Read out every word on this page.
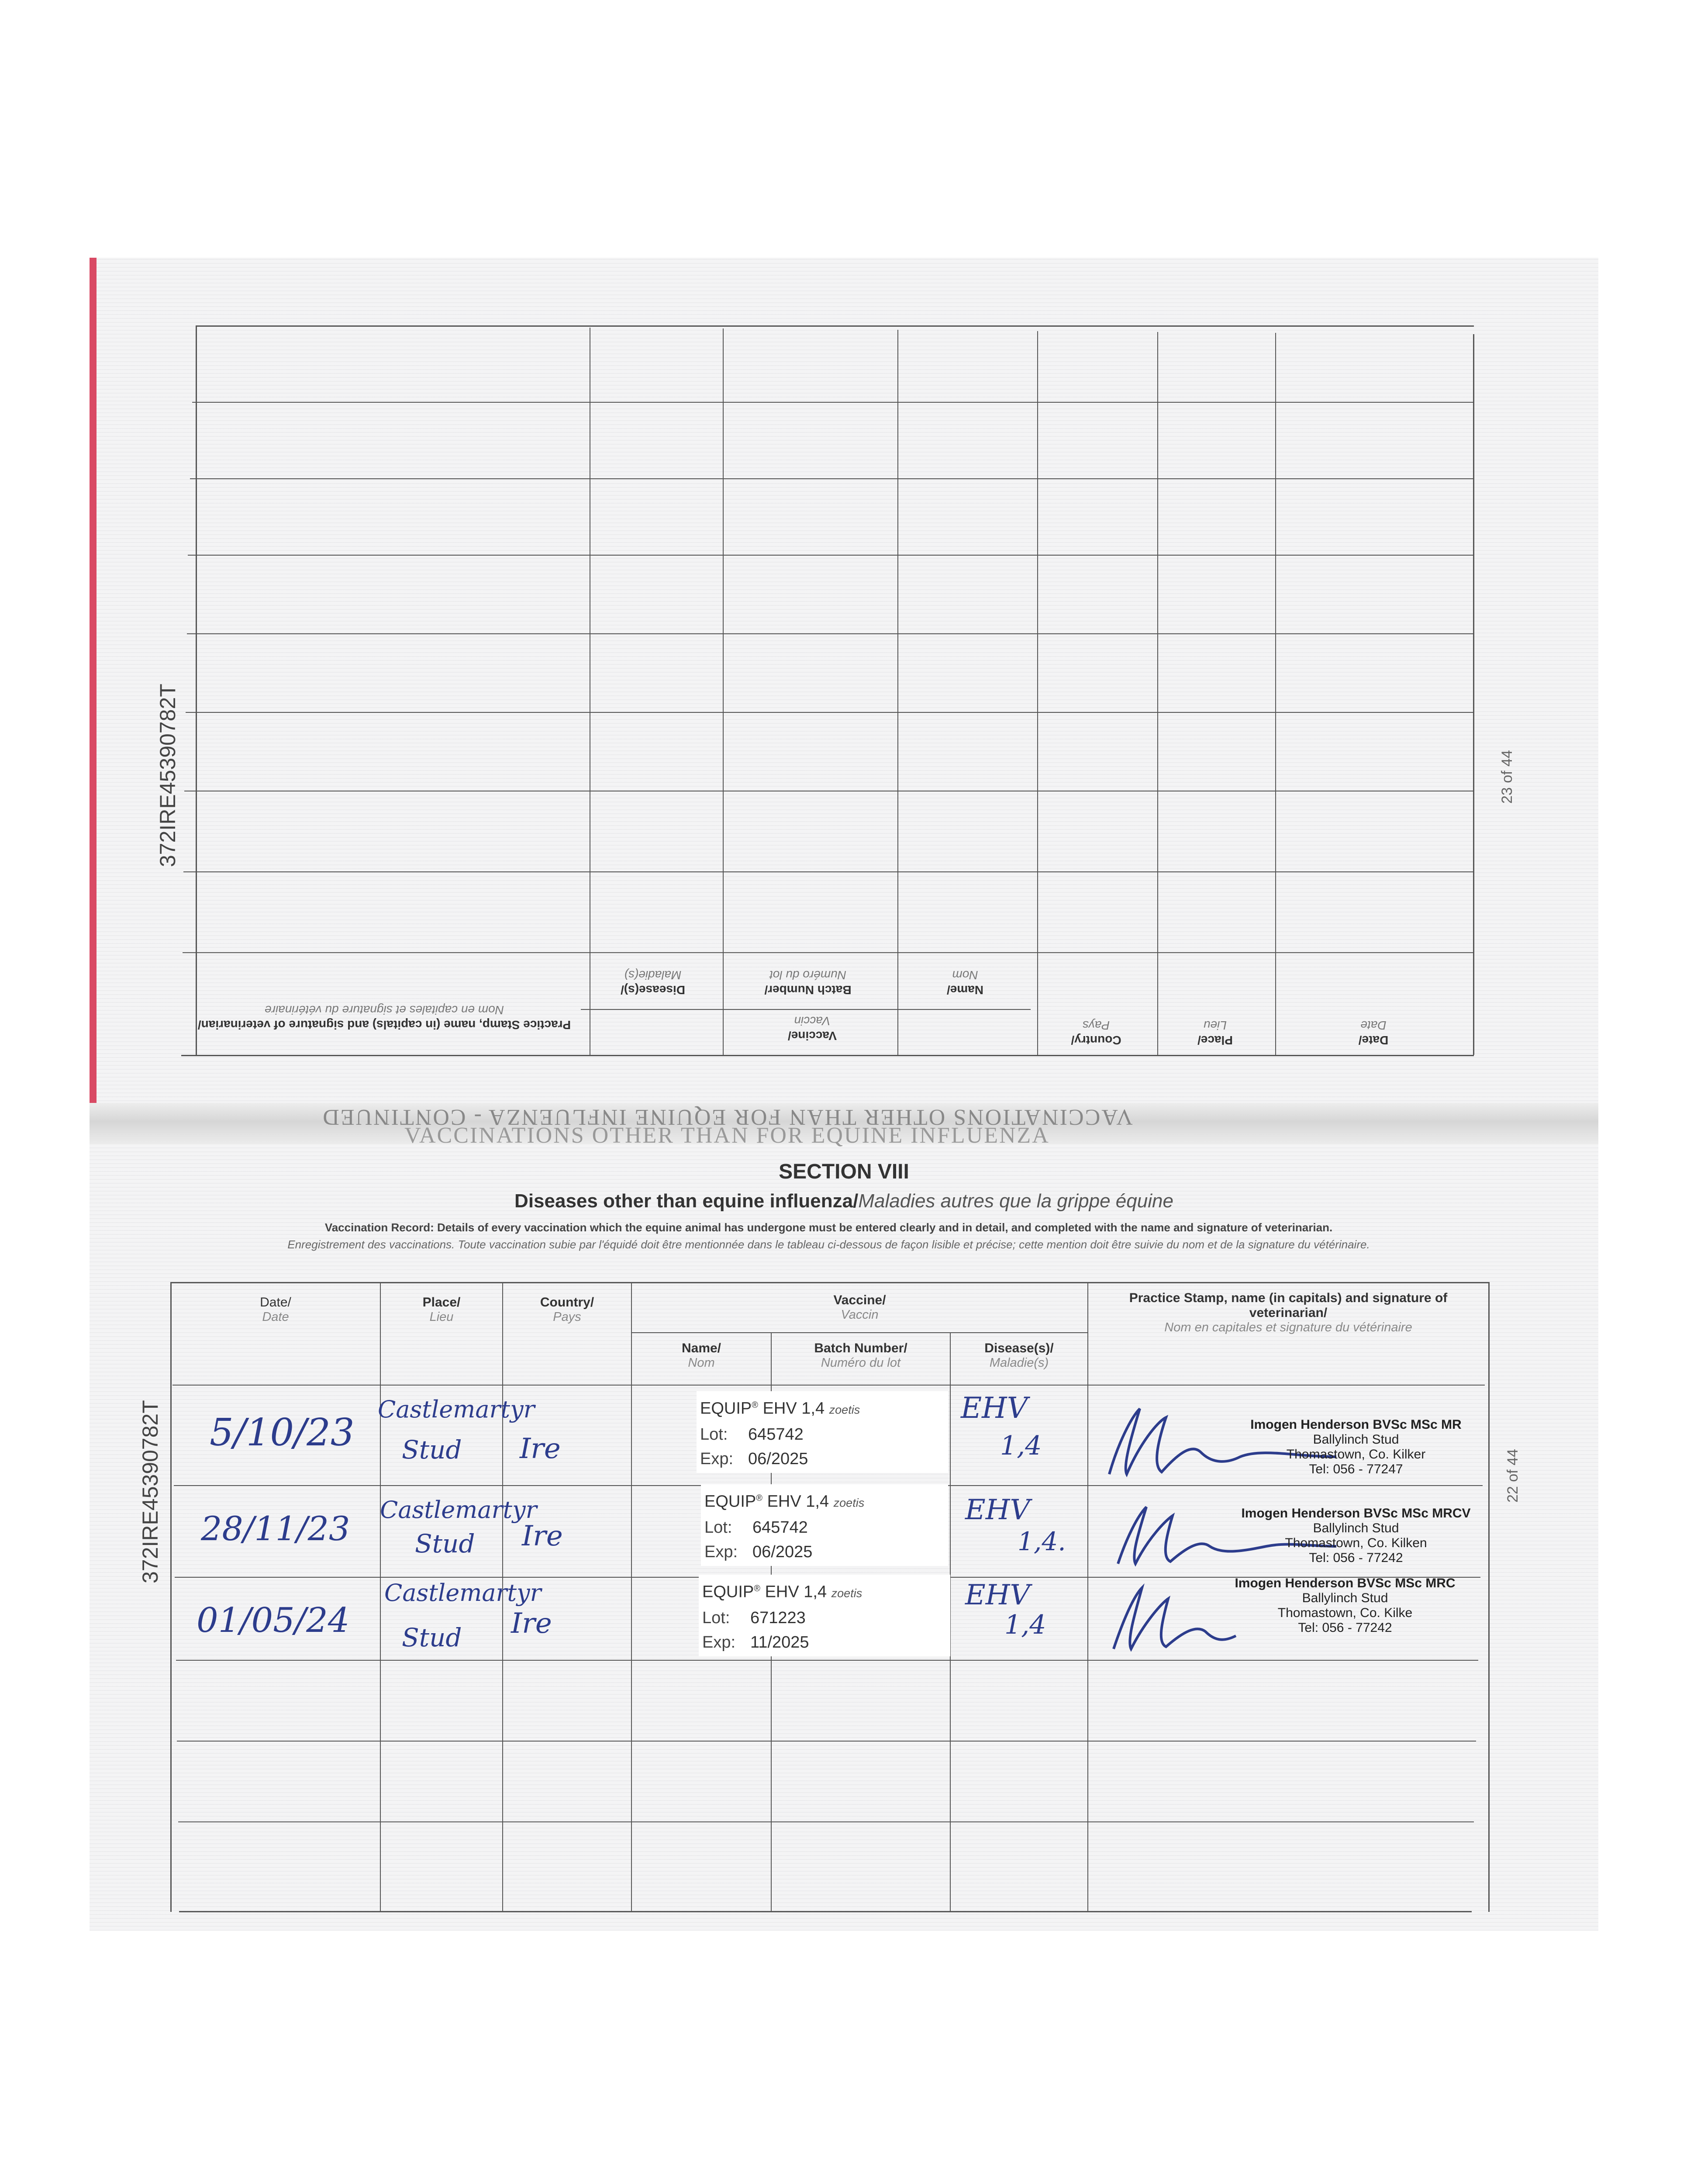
Practice Stamp, name (in capitals) and signature of veterinarian/
Nom en capitales et signature du vétérinaire
Disease(s)/
Maladie(s)
Batch Number/
Numéro du lot
Name/
Nom
Vaccine/
Vaccin
Country/
Pays
Place/
Lieu
Date/
Date
372IRE45390782T	23 of 44
372IRE45390782T	22 of 44
VACCINATIONS OTHER THAN FOR EQUINE INFLUENZA - CONTINUED
VACCINATIONS OTHER THAN FOR EQUINE INFLUENZA
SECTION VIII
Diseases other than equine influenza/Maladies autres que la grippe équine
Vaccination Record: Details of every vaccination which the equine animal has undergone must be entered clearly and in detail, and completed with the name and signature of veterinarian.
Enregistrement des vaccinations. Toute vaccination subie par l'équidé doit être mentionnée dans le tableau ci-dessous de façon lisible et précise; cette mention doit être suivie du nom et de la signature du vétérinaire.
Date/
Date
Place/
Lieu
Country/
Pays
Vaccine/
Vaccin
Name/
Nom
Batch Number/
Numéro du lot
Disease(s)/
Maladie(s)
Practice Stamp, name (in capitals) and signature of veterinarian/
Nom en capitales et signature du vétérinaire
5/10/23
Castlemartyr
Stud Ire
EQUIP® EHV 1,4 zoetis
Lot: 645742
Exp: 06/2025
EHV
1,4
Imogen Henderson BVSc MSc MR
Ballylinch Stud
Thomastown, Co. Kilker
Tel: 056 - 77247
28/11/23 Castlemartyr
Stud Ire
EQUIP® EHV 1,4 zoetis
Lot: 645742
Exp: 06/2025
EHV
1,4.
Imogen Henderson BVSc MSc MRCV
Ballylinch Stud
Thomastown, Co. Kilken
Tel: 056 - 77242
01/05/24
Castlemartyr
Stud Ire
EQUIP® EHV 1,4 zoetis
Lot: 671223
Exp: 11/2025
EHV
1,4
Imogen Henderson BVSc MSc MRC
Ballylinch Stud
Thomastown, Co. Kilke
Tel: 056 - 77242
